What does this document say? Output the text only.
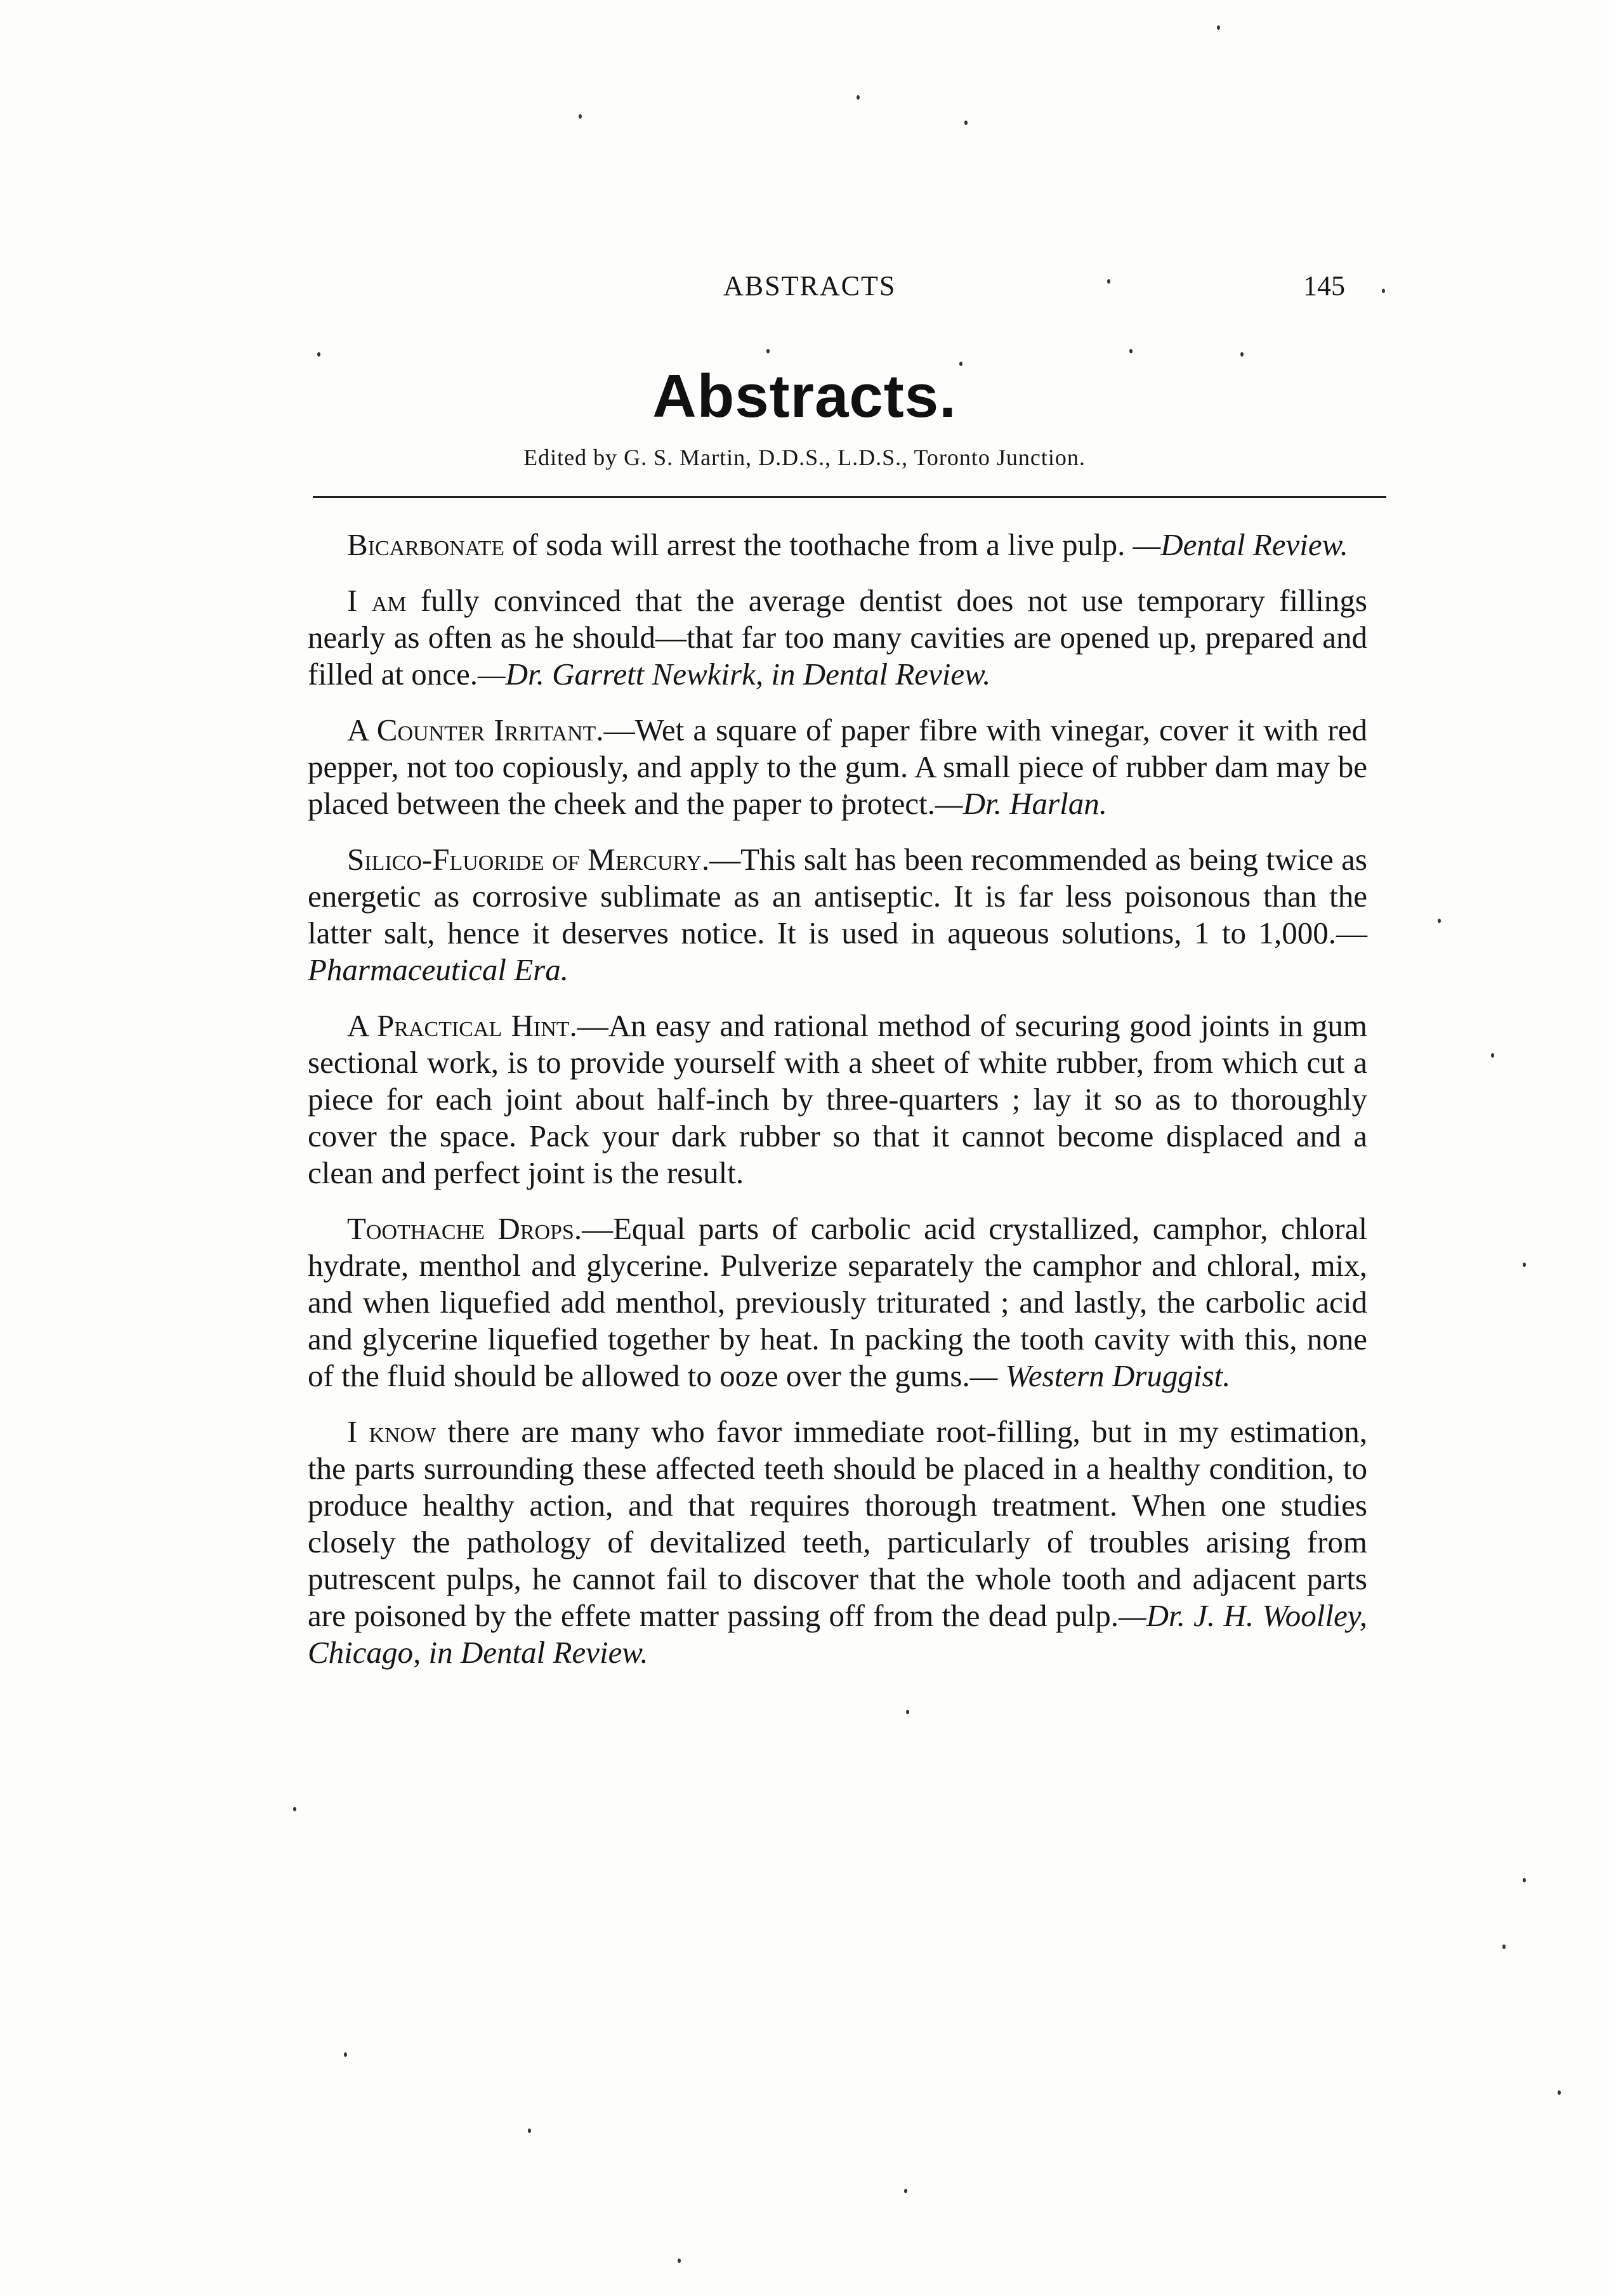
ABSTRACTS	145
Abstracts.

Edited by G. S. Martin, D.D.S., L.D.S., Toronto Junction.

Bicarbonate of soda will arrest the toothache from a live pulp. —Dental Review.

I am fully convinced that the average dentist does not use temporary fillings nearly as often as he should—that far too many cavities are opened up, prepared and filled at once.—Dr. Garrett Newkirk, in Dental Review.

A Counter Irritant.—Wet a square of paper fibre with vinegar, cover it with red pepper, not too copiously, and apply to the gum. A small piece of rubber dam may be placed between the cheek and the paper to protect.—Dr. Harlan.

Silico-Fluoride of Mercury.—This salt has been recommended as being twice as energetic as corrosive sublimate as an antiseptic. It is far less poisonous than the latter salt, hence it deserves notice. It is used in aqueous solutions, 1 to 1,000.— Pharmaceutical Era.

A Practical Hint.—An easy and rational method of securing good joints in gum sectional work, is to provide yourself with a sheet of white rubber, from which cut a piece for each joint about half-inch by three-quarters ; lay it so as to thoroughly cover the space. Pack your dark rubber so that it cannot become displaced and a clean and perfect joint is the result.

Toothache Drops.—Equal parts of carbolic acid crystallized, camphor, chloral hydrate, menthol and glycerine. Pulverize separately the camphor and chloral, mix, and when liquefied add menthol, previously triturated ; and lastly, the carbolic acid and glycerine liquefied together by heat. In packing the tooth cavity with this, none of the fluid should be allowed to ooze over the gums.— Western Druggist.

I know there are many who favor immediate root-filling, but in my estimation, the parts surrounding these affected teeth should be placed in a healthy condition, to produce healthy action, and that requires thorough treatment. When one studies closely the pathology of devitalized teeth, particularly of troubles arising from putrescent pulps, he cannot fail to discover that the whole tooth and adjacent parts are poisoned by the effete matter passing off from the dead pulp.—Dr. J. H. Woolley, Chicago, in Dental Review.
